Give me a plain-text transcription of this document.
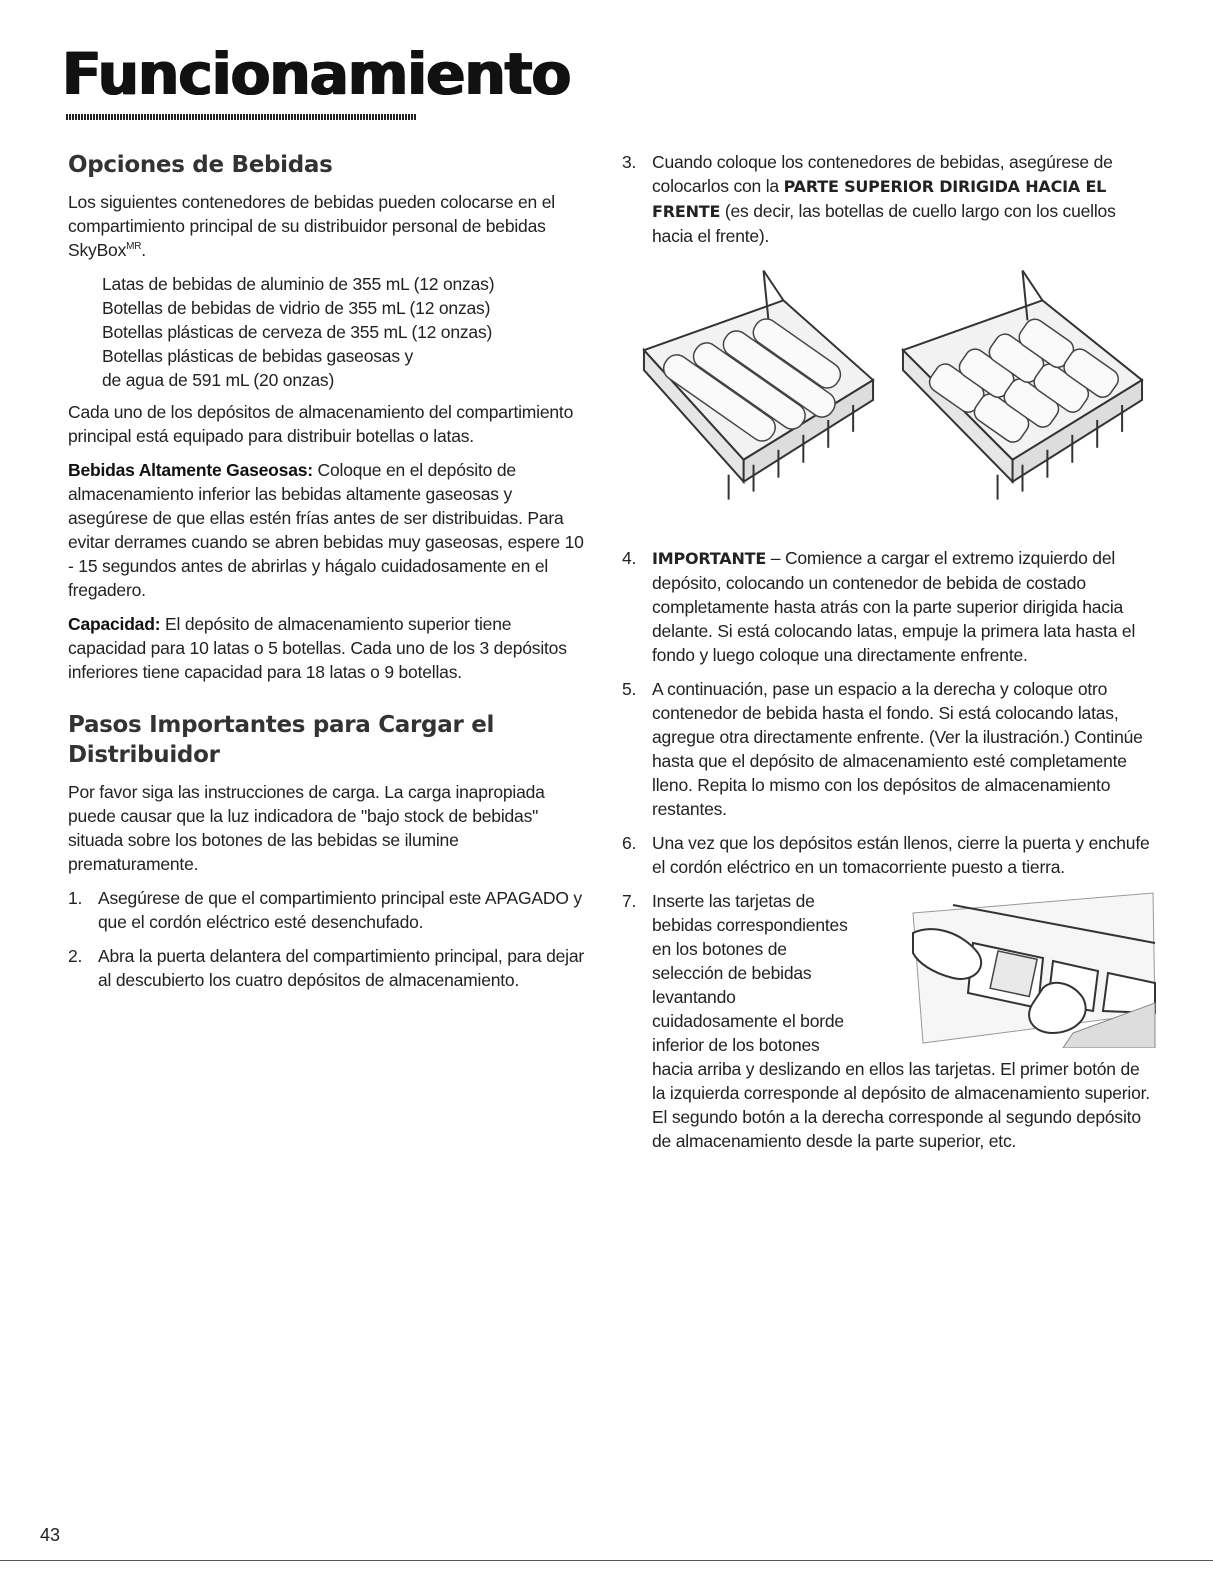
Funcionamiento
Opciones de Bebidas

Los siguientes contenedores de bebidas pueden colocarse en el compartimiento principal de su distribuidor personal de bebidas SkyBox$^{MR}$.

Latas de bebidas de aluminio de 355 mL (12 onzas)
Botellas de bebidas de vidrio de 355 mL (12 onzas)
Botellas plásticas de cerveza de 355 mL (12 onzas)
Botellas plásticas de bebidas gaseosas y
de agua de 591 mL (20 onzas)

Cada uno de los depósitos de almacenamiento del compartimiento principal está equipado para distribuir botellas o latas.

Bebidas Altamente Gaseosas: Coloque en el depósito de almacenamiento inferior las bebidas altamente gaseosas y asegúrese de que ellas estén frías antes de ser distribuidas. Para evitar derrames cuando se abren bebidas muy gaseosas, espere 10 - 15 segundos antes de abrirlas y hágalo cuidadosamente en el fregadero.

Capacidad: El depósito de almacenamiento superior tiene capacidad para 10 latas o 5 botellas. Cada uno de los 3 depósitos inferiores tiene capacidad para 18 latas o 9 botellas.

Pasos Importantes para Cargar el Distribuidor

Por favor siga las instrucciones de carga. La carga inapropiada puede causar que la luz indicadora de "bajo stock de bebidas" situada sobre los botones de las bebidas se ilumine prematuramente.

1. Asegúrese de que el compartimiento principal este APAGADO y que el cordón eléctrico esté desenchufado.
2. Abra la puerta delantera del compartimiento principal, para dejar al descubierto los cuatro depósitos de almacenamiento.
3. Cuando coloque los contenedores de bebidas, asegúrese de colocarlos con la PARTE SUPERIOR DIRIGIDA HACIA EL FRENTE (es decir, las botellas de cuello largo con los cuellos hacia el frente).
4. IMPORTANTE – Comience a cargar el extremo izquierdo del depósito, colocando un contenedor de bebida de costado completamente hasta atrás con la parte superior dirigida hacia delante. Si está colocando latas, empuje la primera lata hasta el fondo y luego coloque una directamente enfrente.
5. A continuación, pase un espacio a la derecha y coloque otro contenedor de bebida hasta el fondo. Si está colocando latas, agregue otra directamente enfrente. (Ver la ilustración.) Continúe hasta que el depósito de almacenamiento esté completamente lleno. Repita lo mismo con los depósitos de almacenamiento restantes.
6. Una vez que los depósitos están llenos, cierre la puerta y enchufe el cordón eléctrico en un tomacorriente puesto a tierra.
7. Inserte las tarjetas de
bebidas correspondientes
en los botones de
selección de bebidas
levantando
cuidadosamente el borde
inferior de los botones
hacia arriba y deslizando en ellos las tarjetas. El primer botón de la izquierda corresponde al depósito de almacenamiento superior. El segundo botón a la derecha corresponde al segundo depósito de almacenamiento desde la parte superior, etc.
43
